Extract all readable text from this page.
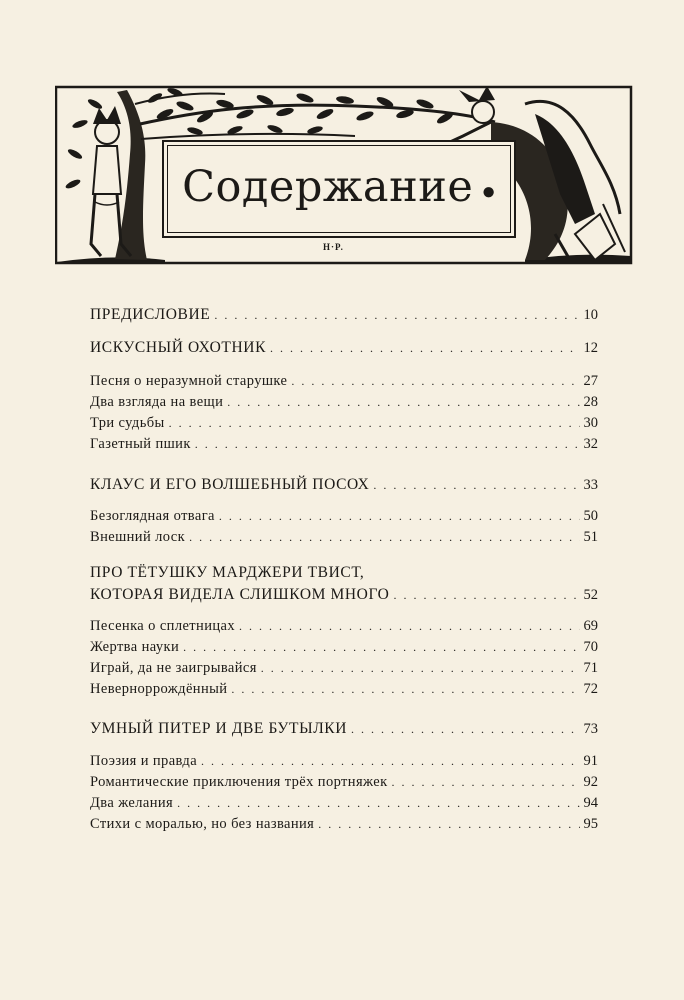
Содержание ●
H·P.
ПРЕДИСЛОВИЕ . . .	10
ИСКУСНЫЙ ОХОТНИК . . .	12
Песня о неразумной старушке . . .	27
Два взгляда на вещи . . .	28
Три судьбы . . .	30
Газетный пшик . . .	32
КЛАУС И ЕГО ВОЛШЕБНЫЙ ПОСОХ . . .	33
Безоглядная отвага . . .	50
Внешний лоск . . .	51
ПРО ТЁТУШКУ МАРДЖЕРИ ТВИСТ,
КОТОРАЯ ВИДЕЛА СЛИШКОМ МНОГО . . .	52
Песенка о сплетницах . . .	69
Жертва науки . . .	70
Играй, да не заигрывайся . . .	71
Неверноррождённый . . .	72
УМНЫЙ ПИТЕР И ДВЕ БУТЫЛКИ . . .	73
Поэзия и правда . . .	91
Романтические приключения трёх портняжек . . .	92
Два желания . . .	94
Стихи с моралью, но без названия . . .	95
